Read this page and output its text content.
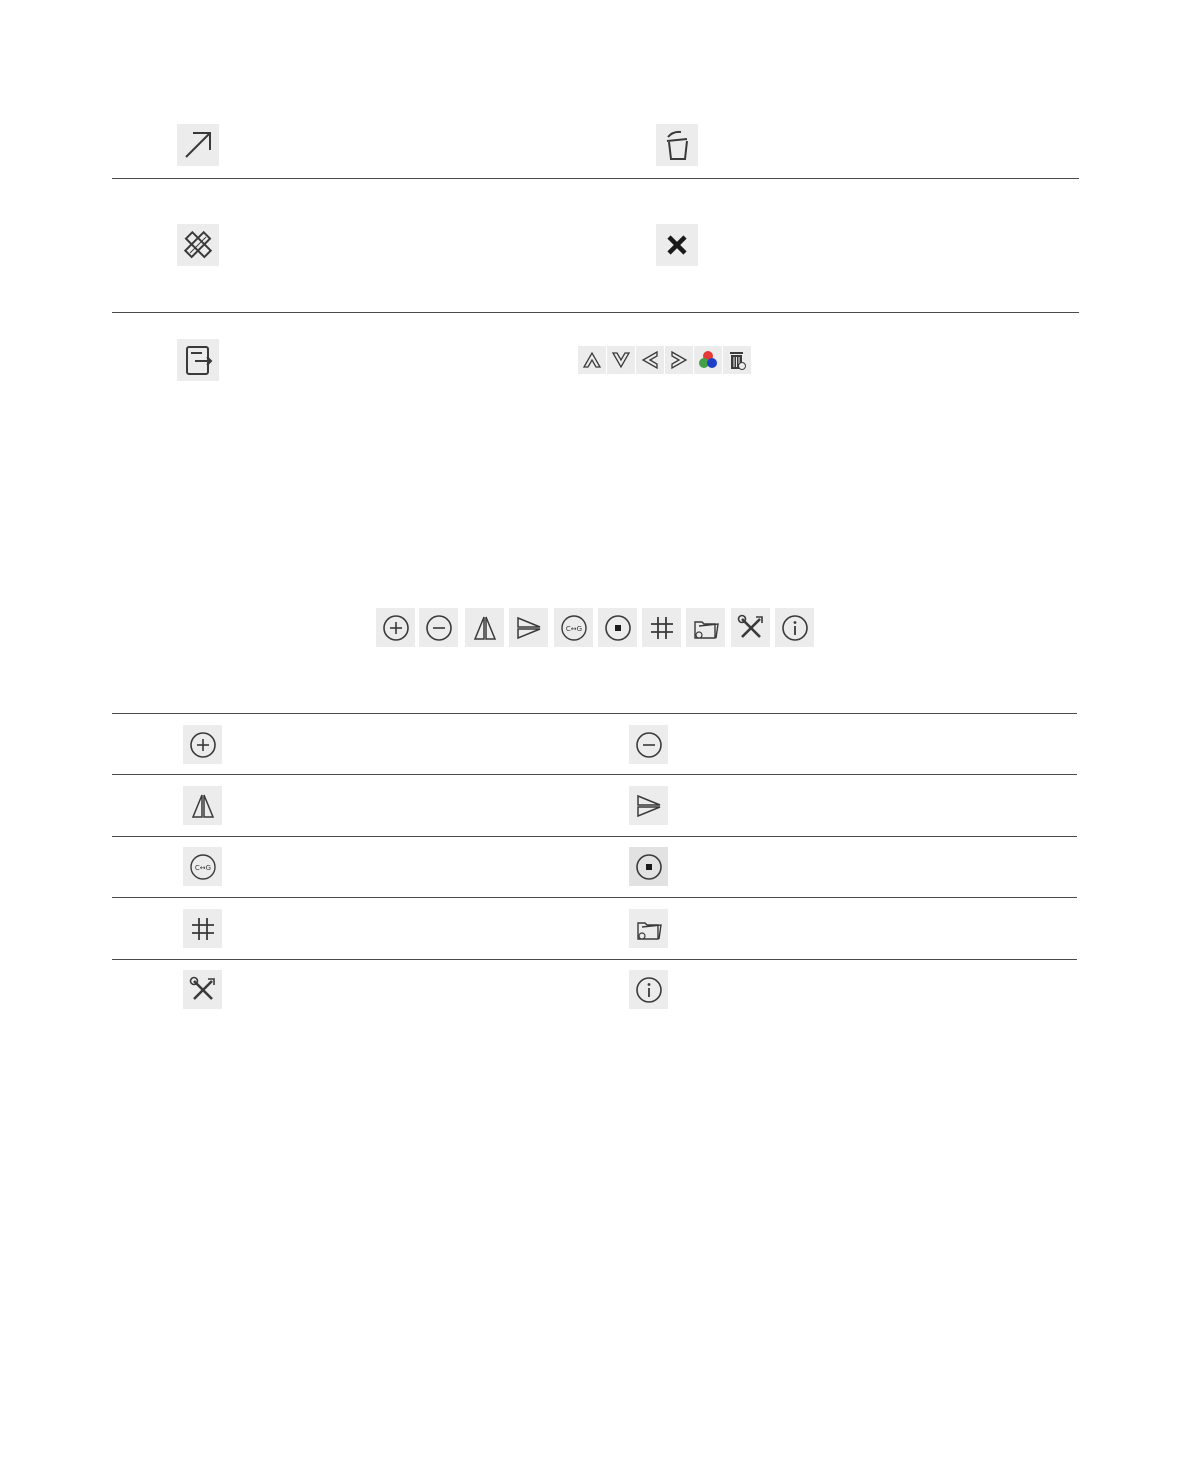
C↔G
C↔G
